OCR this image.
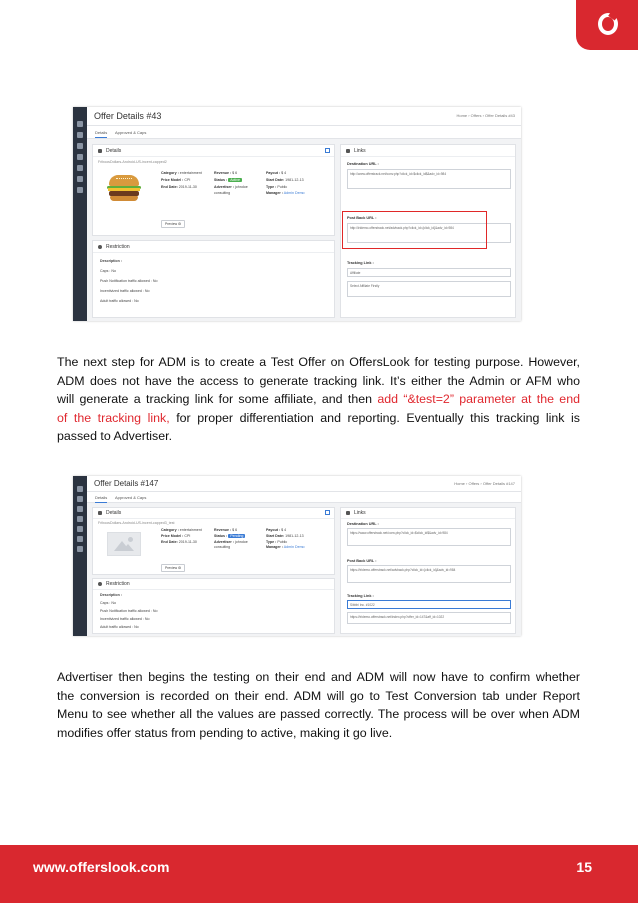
Offer Details #43	Home › Offers › Offer Details #43
Details Approved & Caps
Details
FriboosDollars-Android-US-incent-capped2
Category : entertainment
Price Model : CPI
End Date: 2019-11-30
Revenue : $ 6
Status : Active
Advertiser : johndoe
consulting
Payout : $ 4
Start Date: 1981-12-13
Type : Public
Manager : Admin Demo
Preview ⚙
Restriction
Description :
Caps : No
Push Notification traffic allowed : No
Incentivized traffic allowed : No
Adult traffic allowed : No
Links
Destination URL :
http://www.offerstrack.net/conv.php?click_id=$click_id$&adv_id=984
Post Back URL :
http://iridemo.offerstrack.net/advback.php?click_id={click_id}&adv_id=984
Tracking Link :
Affiliate
Select Affiliate Firstly
The next step for ADM is to create a Test Offer on OffersLook for testing purpose. However,
ADM does not have the access to generate tracking link. It’s either the Admin or AFM who
will generate a tracking link for some affiliate, and then add “&test=2” parameter at the end
of the tracking link, for proper differentiation and reporting. Eventually this tracking link is
passed to Advertiser.
Offer Details #147	Home › Offers › Offer Details #147
Details Approved & Caps
Details
FriboosDollars-Android-US-incent-capped3_test
Category : entertainment
Price Model : CPI
End Date: 2019-11-30
Revenue : $ 6
Status : Pending
Advertiser : johndoe
consulting
Payout : $ 4
Start Date: 1981-12-13
Type : Public
Manager : Admin Demo
Preview ⚙
Restriction
Description :
Caps : No
Push Notification traffic allowed : No
Incentivized traffic allowed : No
Adult traffic allowed : No
Links
Destination URL :
https://www.offerstrack.net/conv.php?click_id=$click_id$&adv_id=984
Post Back URL :
https://iridemo.offerstrack.net/advback.php?click_id={click_id}&adv_id=984
Tracking Link :
Sibbhi Inc. #1022
https://iridemo.offerstrack.net/index.php?offer_id=147&aff_id=1022
Advertiser then begins the testing on their end and ADM will now have to confirm whether
the conversion is recorded on their end. ADM will go to Test Conversion tab under Report
Menu to see whether all the values are passed correctly. The process will be over when ADM
modifies offer status from pending to active, making it go live.
www.offerslook.com	15
